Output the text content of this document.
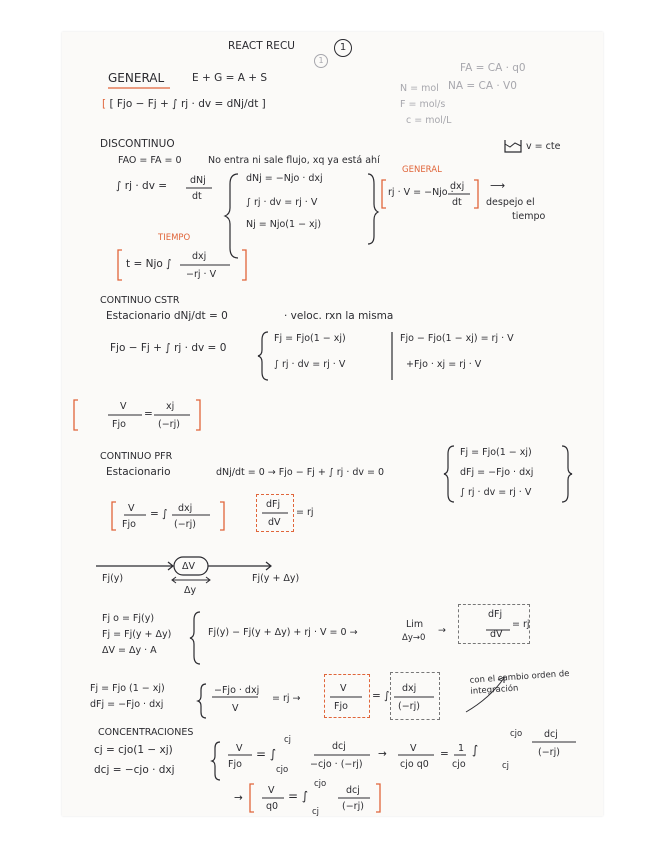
REACT RECU	1
1
FA = CA · q0
NA = CA · V0
N = mol
F = mol/s
c = mol/L
GENERAL	E + G = A + S
[ [ Fjo − Fj + ∫ rj · dv = dNj/dt ]
DISCONTINUO
FAO = FA = 0	No entra ni sale flujo, xq ya está ahí
v = cte
∫ rj · dv = dNj
dt
dNj = −Njo · dxj
∫ rj · dv = rj · V
Nj = Njo(1 − xj)
GENERAL
rj · V = −Njo ·
dxj
dt
⟶
despejo el
tiempo
TIEMPO
t = Njo ∫
dxj
−rj · V
CONTINUO CSTR
Estacionario dNj/dt = 0	· veloc. rxn la misma
Fjo − Fj + ∫ rj · dv = 0
Fj = Fjo(1 − xj)
∫ rj · dv = rj · V
Fjo − Fjo(1 − xj) = rj · V
+Fjo · xj = rj · V
V
Fjo
=
xj
(−rj)
CONTINUO PFR
Estacionario	dNj/dt = 0 → Fjo − Fj + ∫ rj · dv = 0
Fj = Fjo(1 − xj)
dFj = −Fjo · dxj
∫ rj · dv = rj · V
V
Fjo
= ∫ dxj
(−rj)
dFj
dV
= rj
ΔV
Δy
Fj(y)	Fj(y + Δy)
Fj o = Fj(y)
Fj = Fj(y + Δy)
ΔV = Δy · A
Fj(y) − Fj(y + Δy) + rj · V = 0 →
Lim
Δy→0
→
dFj
dV
= rj
Fj = Fjo (1 − xj)
dFj = −Fjo · dxj
−Fjo · dxj
V
= rj →
V
Fjo
= ∫
dxj
(−rj)
con el cambio orden de integración
CONCENTRACIONES
cj = cjo(1 − xj)
dcj = −cjo · dxj
V
Fjo
= ∫
cj
cjo
dcj
−cjo · (−rj)
→ V
cjo q0
= 1
cjo
∫
cjo
cj
dcj
(−rj)
→
V
q0
= ∫
cjo
cj
dcj
(−rj)
